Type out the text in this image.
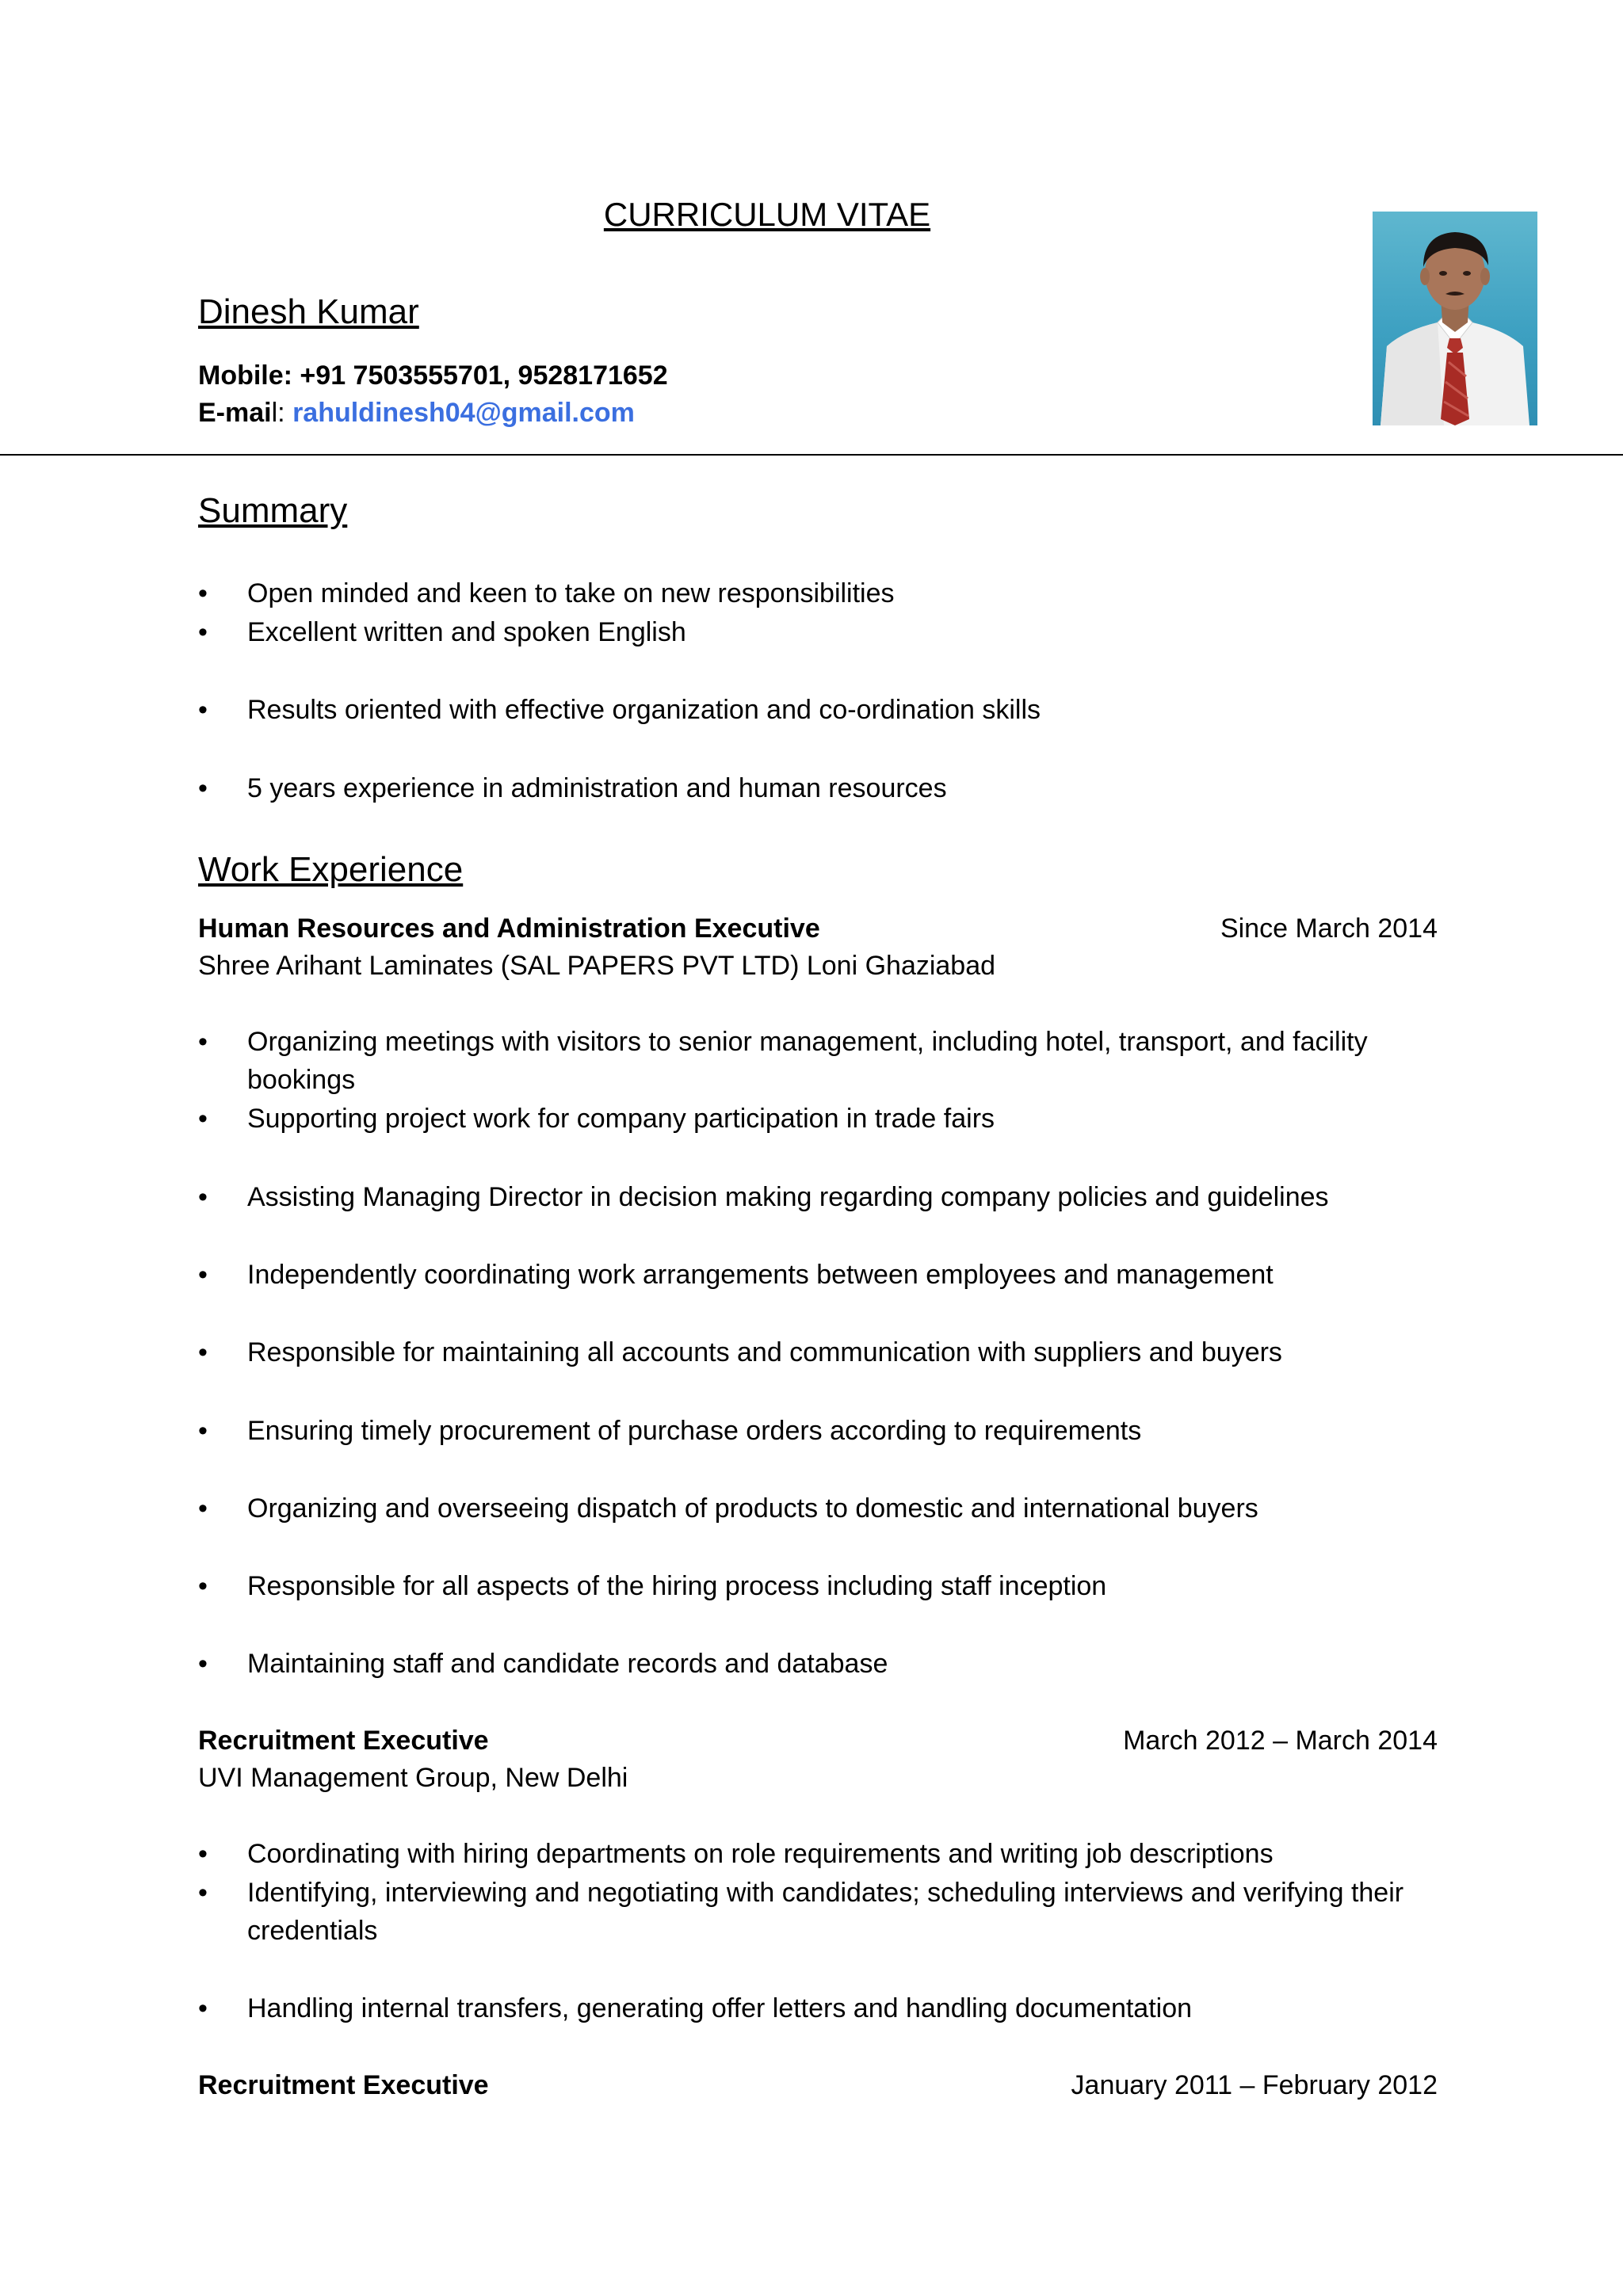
CURRICULUM VITAE
Dinesh Kumar
Mobile: +91 7503555701, 9528171652
E-mail: rahuldinesh04@gmail.com
Summary
•	Open minded and keen to take on new responsibilities
•	Excellent written and spoken English
•	Results oriented with effective organization and co-ordination skills
•	5 years experience in administration and human resources
Work Experience
Human Resources and Administration Executive	Since March 2014
Shree Arihant Laminates (SAL PAPERS PVT LTD) Loni Ghaziabad
•	Organizing meetings with visitors to senior management, including hotel, transport, and facility bookings
•	Supporting project work for company participation in trade fairs
•	Assisting Managing Director in decision making regarding company policies and guidelines
•	Independently coordinating work arrangements between employees and management
•	Responsible for maintaining all accounts and communication with suppliers and buyers
•	Ensuring timely procurement of purchase orders according to requirements
•	Organizing and overseeing dispatch of products to domestic and international buyers
•	Responsible for all aspects of the hiring process including staff inception
•	Maintaining staff and candidate records and database
Recruitment Executive	March 2012 – March 2014
UVI Management Group, New Delhi
•	Coordinating with hiring departments on role requirements and writing job descriptions
•	Identifying, interviewing and negotiating with candidates; scheduling interviews and verifying their credentials
•	Handling internal transfers, generating offer letters and handling documentation
Recruitment Executive	January 2011 – February 2012
